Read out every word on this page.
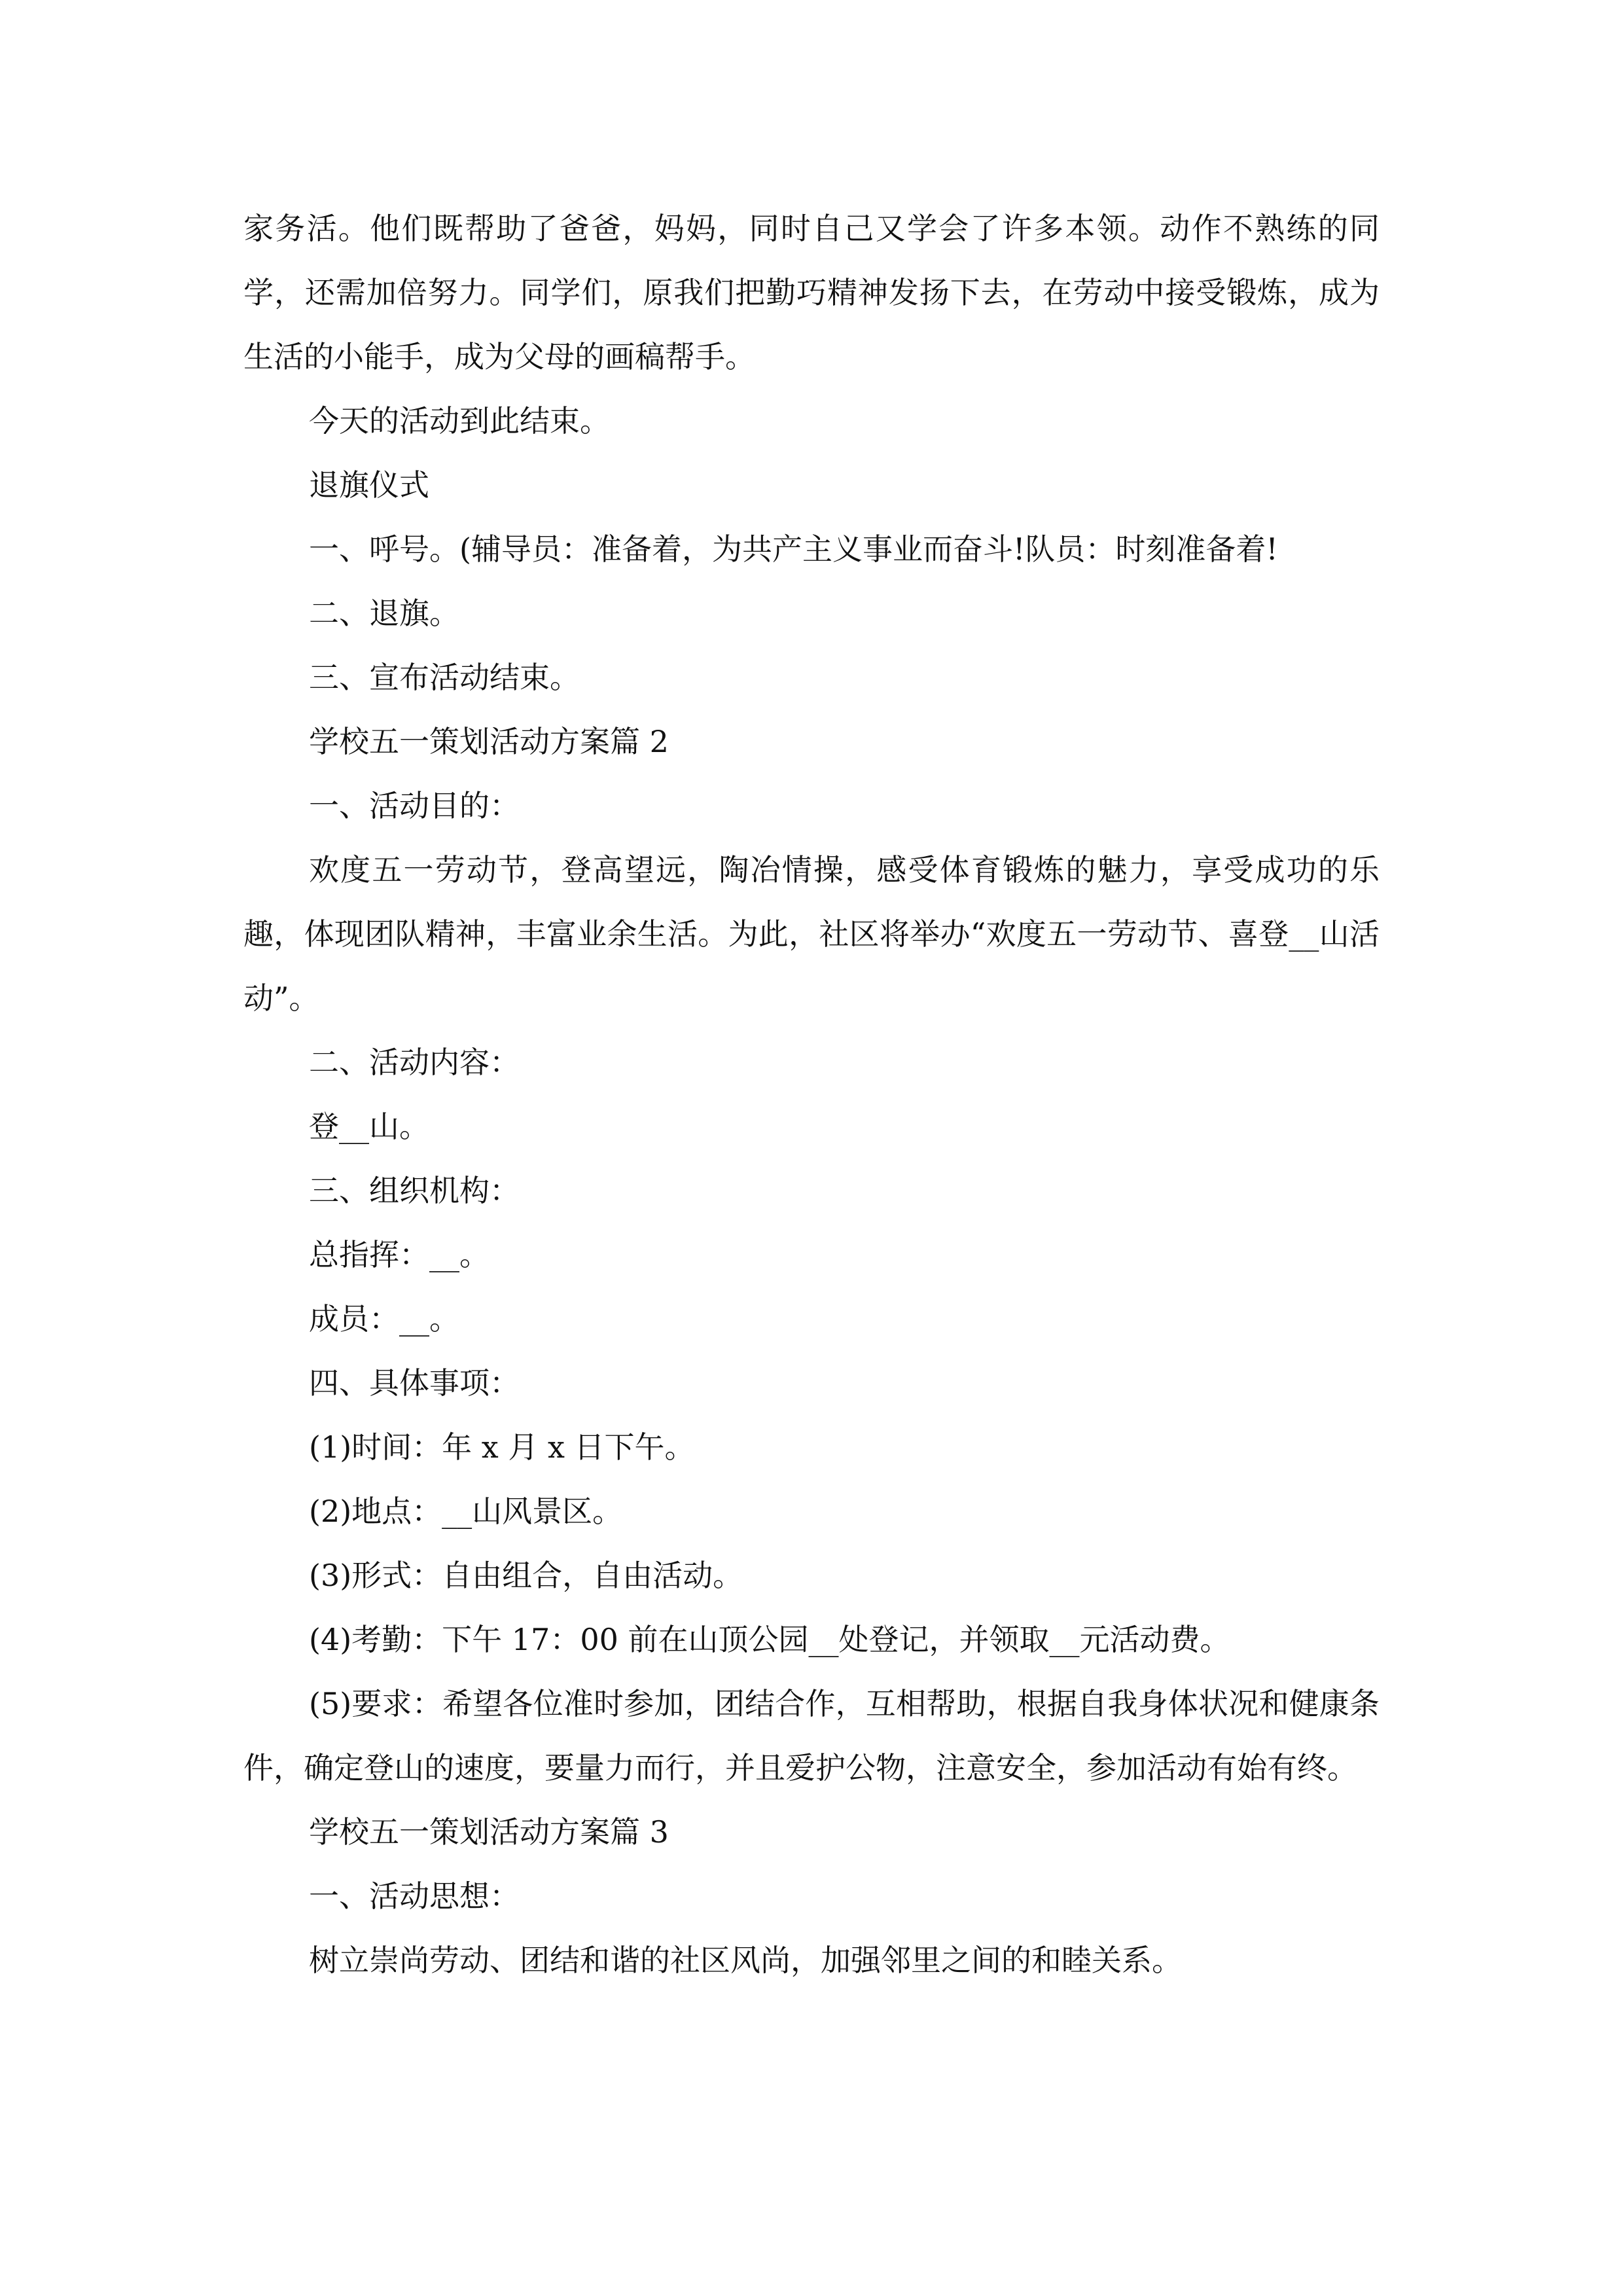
家务活。他们既帮助了爸爸，妈妈，同时自己又学会了许多本领。动作不熟练的同学，还需加倍努力。同学们，原我们把勤巧精神发扬下去，在劳动中接受锻炼，成为生活的小能手，成为父母的画稿帮手。

今天的活动到此结束。

退旗仪式

一、呼号。(辅导员：准备着，为共产主义事业而奋斗!队员：时刻准备着!

二、退旗。

三、宣布活动结束。

学校五一策划活动方案篇 2

一、活动目的：

欢度五一劳动节，登高望远，陶冶情操，感受体育锻炼的魅力，享受成功的乐趣，体现团队精神，丰富业余生活。为此，社区将举办“欢度五一劳动节、喜登__山活动”。

二、活动内容：

登__山。

三、组织机构：

总指挥：__。

成员：__。

四、具体事项：

(1)时间：年 x 月 x 日下午。

(2)地点：__山风景区。

(3)形式：自由组合，自由活动。

(4)考勤：下午 17：00 前在山顶公园__处登记，并领取__元活动费。

(5)要求：希望各位准时参加，团结合作，互相帮助，根据自我身体状况和健康条件，确定登山的速度，要量力而行，并且爱护公物，注意安全，参加活动有始有终。

学校五一策划活动方案篇 3

一、活动思想：

树立崇尚劳动、团结和谐的社区风尚，加强邻里之间的和睦关系。
